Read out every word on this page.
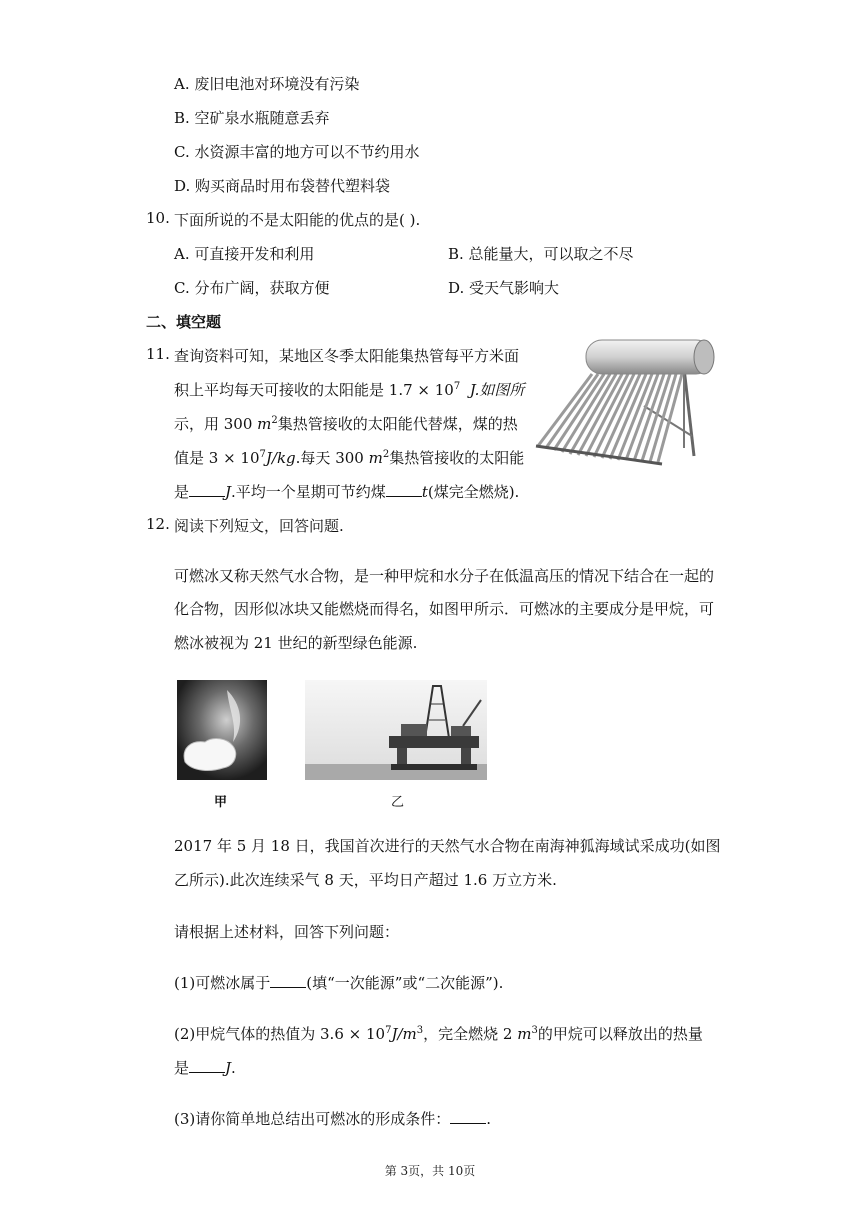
A. 废旧电池对环境没有污染
B. 空矿泉水瓶随意丢弃
C. 水资源丰富的地方可以不节约用水
D. 购买商品时用布袋替代塑料袋
10. 下面所说的不是太阳能的优点的是( ).
A. 可直接开发和利用	B. 总能量大，可以取之不尽
C. 分布广阔，获取方便	D. 受天气影响大
二、填空题
11. 查询资料可知，某地区冬季太阳能集热管每平方米面
积上平均每天可接收的太阳能是 $1.7 \times 10^7$ J.如图所
示，用 300 $m^2$集热管接收的太阳能代替煤，煤的热
值是 $3 \times 10^7J/kg$.每天 300 $m^2$集热管接收的太阳能
是 J.平均一个星期可节约煤 t(煤完全燃烧).
12. 阅读下列短文，回答问题.
可燃冰又称天然气水合物，是一种甲烷和水分子在低温高压的情况下结合在一起的
化合物，因形似冰块又能燃烧而得名，如图甲所示．可燃冰的主要成分是甲烷，可
燃冰被视为 21 世纪的新型绿色能源.
甲	乙
2017 年 5 月 18 日，我国首次进行的天然气水合物在南海神狐海域试采成功(如图
乙所示).此次连续采气 8 天，平均日产超过 1.6 万立方米.
请根据上述材料，回答下列问题：
(1)可燃冰属于 (填“一次能源”或“二次能源”).
(2)甲烷气体的热值为 $3.6 \times 10^7J/m^3$，完全燃烧 2 $m^3$的甲烷可以释放出的热量
是 J.
(3)请你简单地总结出可燃冰的形成条件： .
第 3页，共 10页
